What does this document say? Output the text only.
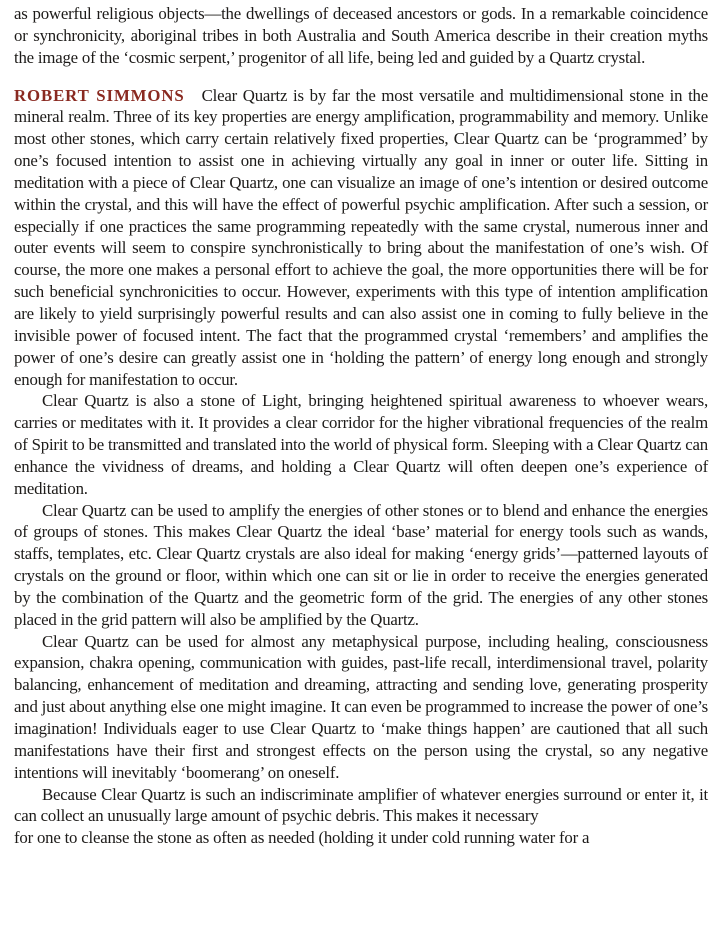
as powerful religious objects—the dwellings of deceased ancestors or gods. In a remarkable coincidence or synchronicity, aboriginal tribes in both Australia and South America describe in their creation myths the image of the ‘cosmic serpent,’ progenitor of all life, being led and guided by a Quartz crystal.

ROBERT SIMMONS Clear Quartz is by far the most versatile and multidimensional stone in the mineral realm. Three of its key properties are energy amplification, programmability and memory. Unlike most other stones, which carry certain relatively fixed properties, Clear Quartz can be ‘programmed’ by one’s focused intention to assist one in achieving virtually any goal in inner or outer life. Sitting in meditation with a piece of Clear Quartz, one can visualize an image of one’s intention or desired outcome within the crystal, and this will have the effect of powerful psychic amplification. After such a session, or especially if one practices the same programming repeatedly with the same crystal, numerous inner and outer events will seem to conspire synchronistically to bring about the manifestation of one’s wish. Of course, the more one makes a personal effort to achieve the goal, the more opportunities there will be for such beneficial synchronicities to occur. However, experiments with this type of intention amplification are likely to yield surprisingly powerful results and can also assist one in coming to fully believe in the invisible power of focused intent. The fact that the programmed crystal ‘remembers’ and amplifies the power of one’s desire can greatly assist one in ‘holding the pattern’ of energy long enough and strongly enough for manifestation to occur.

Clear Quartz is also a stone of Light, bringing heightened spiritual awareness to whoever wears, carries or meditates with it. It provides a clear corridor for the higher vibrational frequencies of the realm of Spirit to be transmitted and translated into the world of physical form. Sleeping with a Clear Quartz can enhance the vividness of dreams, and holding a Clear Quartz will often deepen one’s experience of meditation.

Clear Quartz can be used to amplify the energies of other stones or to blend and enhance the energies of groups of stones. This makes Clear Quartz the ideal ‘base’ material for energy tools such as wands, staffs, templates, etc. Clear Quartz crystals are also ideal for making ‘energy grids’—patterned layouts of crystals on the ground or floor, within which one can sit or lie in order to receive the energies generated by the combination of the Quartz and the geometric form of the grid. The energies of any other stones placed in the grid pattern will also be amplified by the Quartz.

Clear Quartz can be used for almost any metaphysical purpose, including healing, consciousness expansion, chakra opening, communication with guides, past-life recall, interdimensional travel, polarity balancing, enhancement of meditation and dreaming, attracting and sending love, generating prosperity and just about anything else one might imagine. It can even be programmed to increase the power of one’s imagination! Individuals eager to use Clear Quartz to ‘make things happen’ are cautioned that all such manifestations have their first and strongest effects on the person using the crystal, so any negative intentions will inevitably ‘boomerang’ on oneself.

Because Clear Quartz is such an indiscriminate amplifier of whatever energies surround or enter it, it can collect an unusually large amount of psychic debris. This makes it necessary

for one to cleanse the stone as often as needed (holding it under cold running water for a
